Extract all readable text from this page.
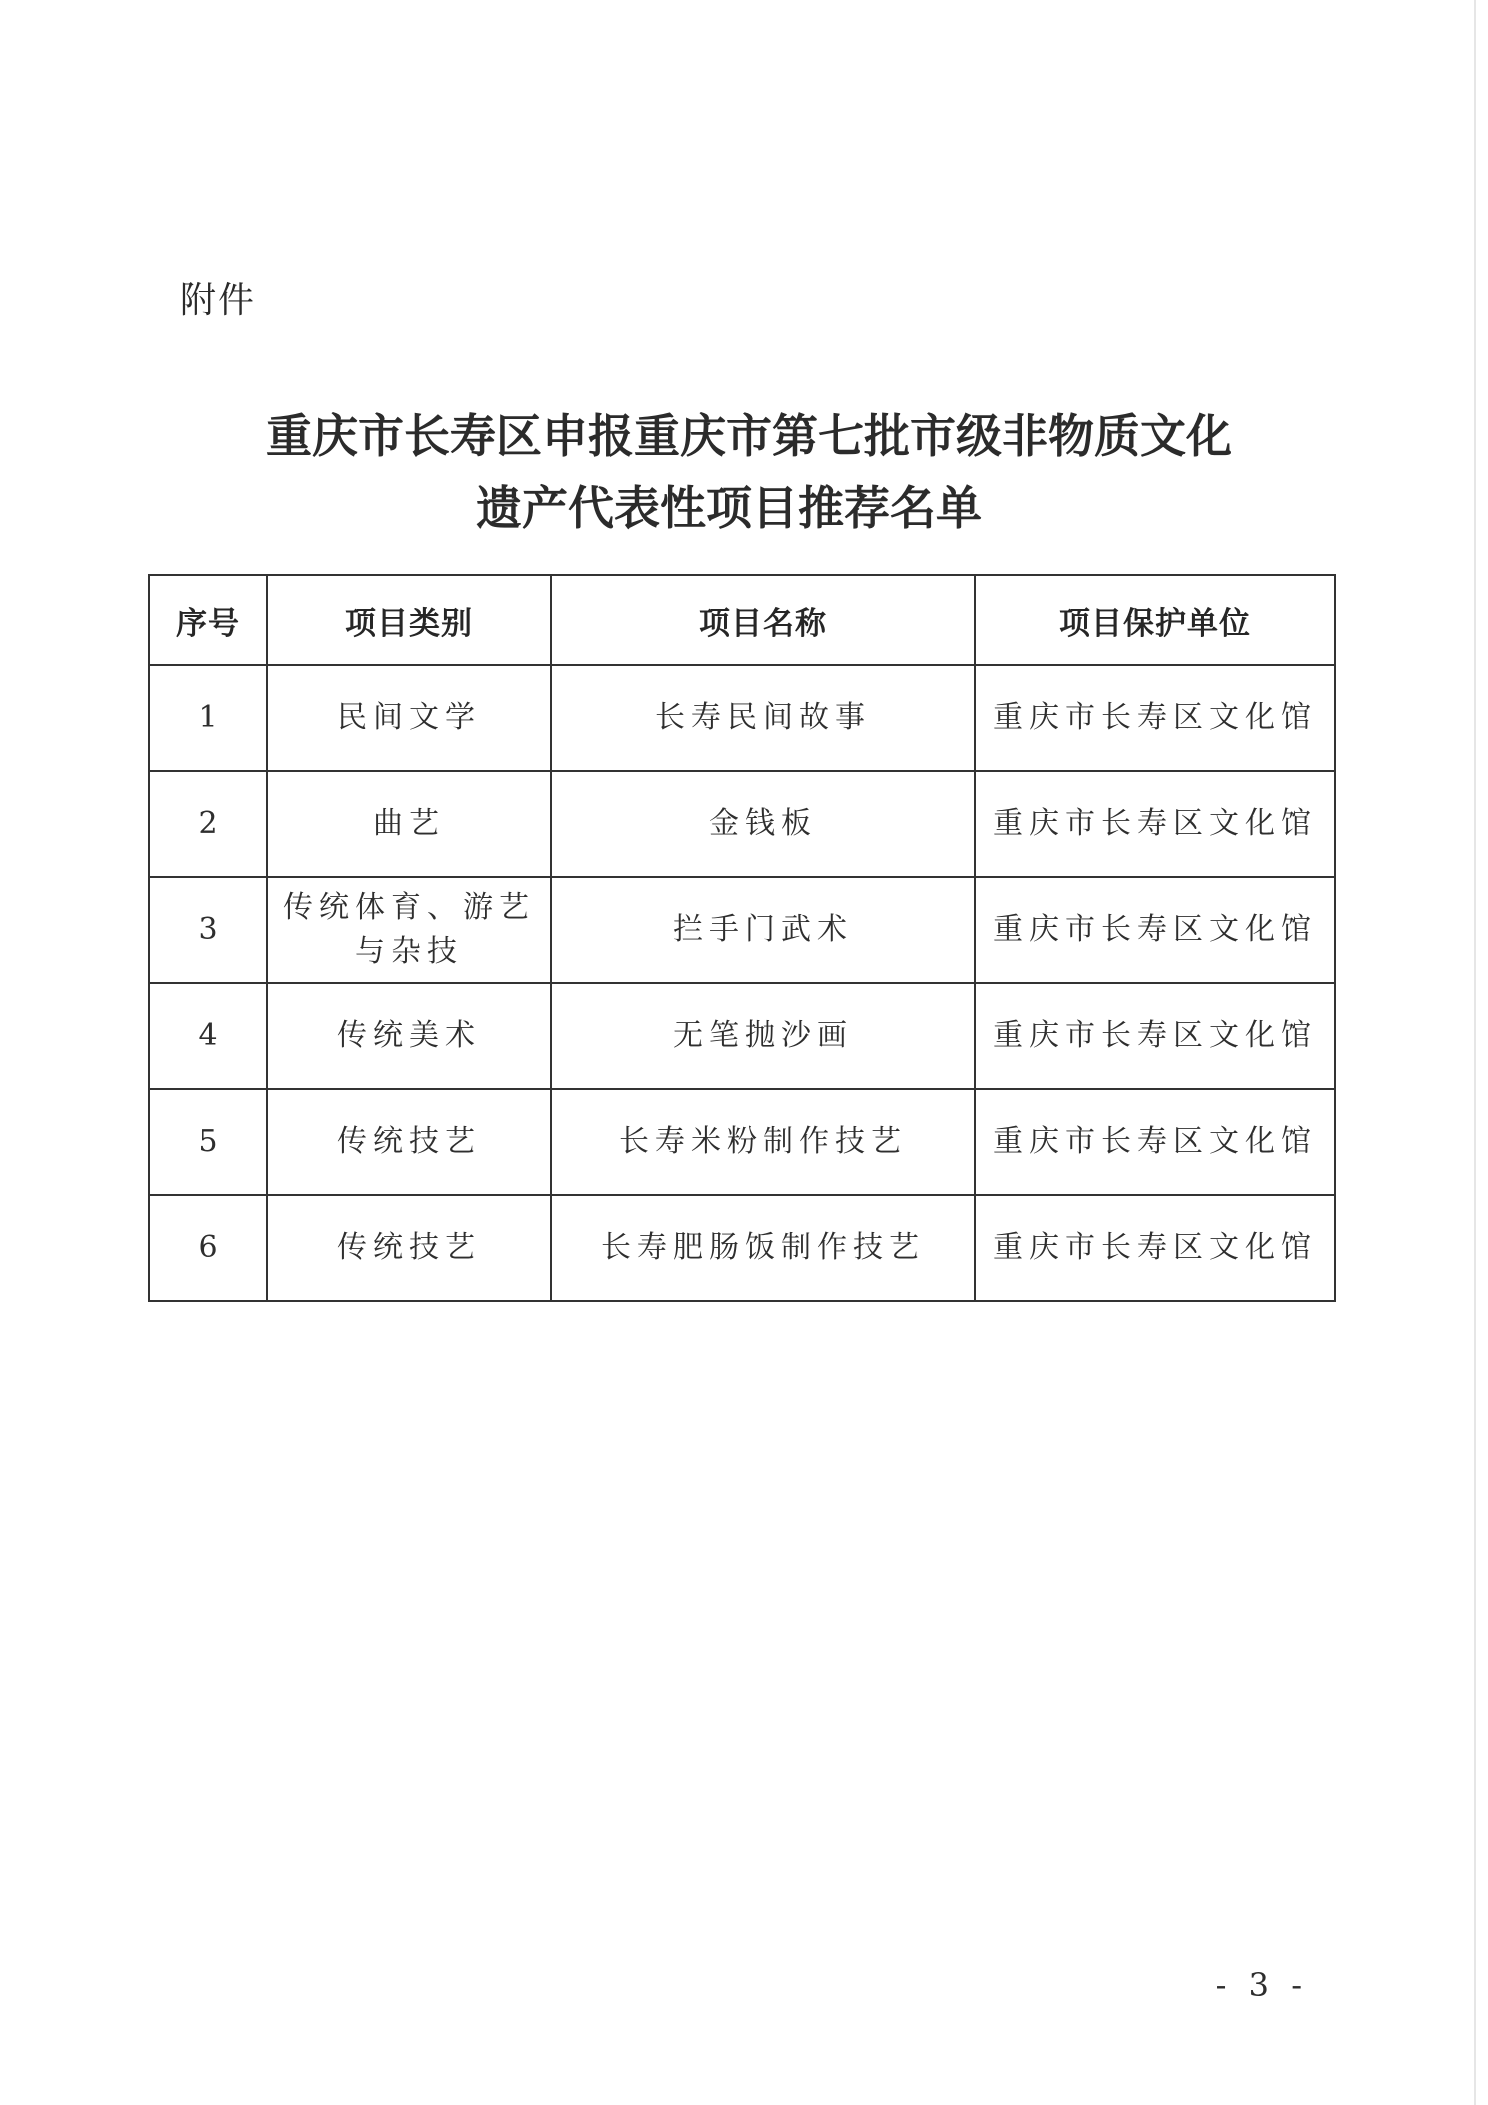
附件
重庆市长寿区申报重庆市第七批市级非物质文化
遗产代表性项目推荐名单
序号	项目类别	项目名称	项目保护单位
1	民间文学	长寿民间故事	重庆市长寿区文化馆
2	曲艺	金钱板	重庆市长寿区文化馆
3	传统体育、游艺与杂技	拦手门武术	重庆市长寿区文化馆
4	传统美术	无笔抛沙画	重庆市长寿区文化馆
5	传统技艺	长寿米粉制作技艺	重庆市长寿区文化馆
6	传统技艺	长寿肥肠饭制作技艺	重庆市长寿区文化馆
- 3 -
